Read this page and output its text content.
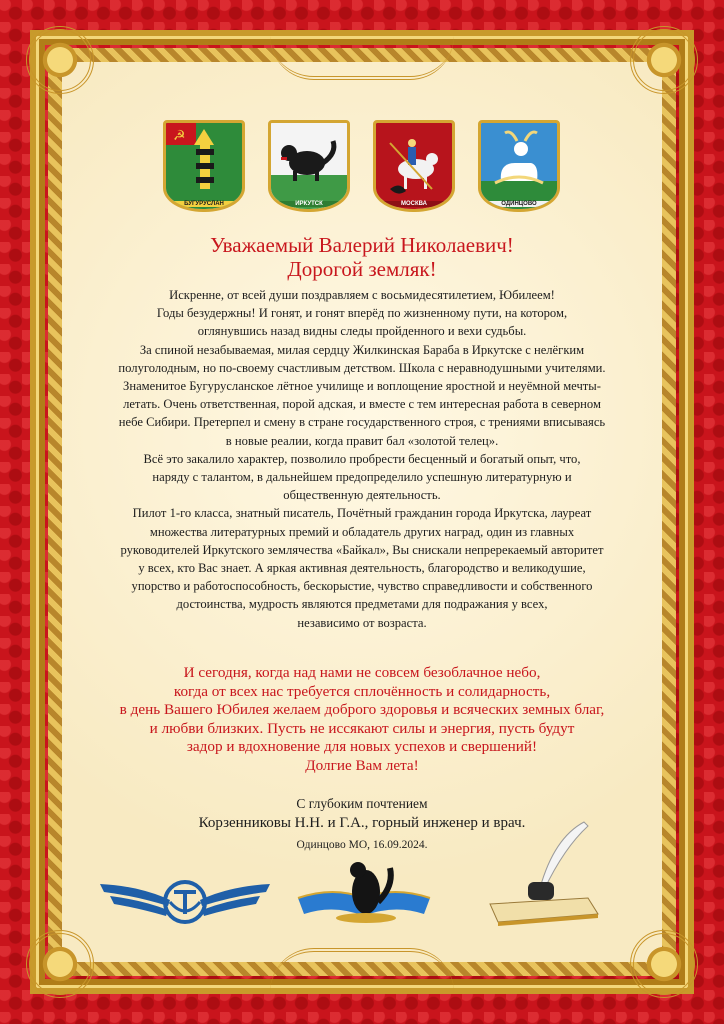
☭
БУГУРУСЛАН	ИРКУТСК	МОСКВА	ОДИНЦОВО
Уважаемый Валерий Николаевич!
Дорогой земляк!

Искренне, от всей души поздравляем с восьмидесятилетием, Юбилеем!

Годы безудержны! И гонят, и гонят вперёд по жизненному пути, на котором,

оглянувшись назад видны следы пройденного и вехи судьбы.

За спиной незабываемая, милая сердцу Жилкинская Бараба в Иркутске с нелёгким

полуголодным, но по-своему счастливым детством. Школа с неравнодушными учителями.

Знаменитое Бугурусланское лётное училище и воплощение яростной и неуёмной мечты-

летать. Очень ответственная, порой адская, и вместе с тем интересная работа в северном

небе Сибири. Претерпел и смену в стране государственного строя, с трениями вписываясь

в новые реалии, когда правит бал «золотой телец».

Всё это закалило характер, позволило пробрести бесценный и богатый опыт, что,

наряду с талантом, в дальнейшем предопределило успешную литературную и

общественную деятельность.

Пилот 1-го класса, знатный писатель, Почётный гражданин города Иркутска, лауреат

множества литературных премий и обладатель других наград, один из главных

руководителей Иркутского землячества «Байкал», Вы снискали непререкаемый авторитет

у всех, кто Вас знает. А яркая активная деятельность, благородство и великодушие,

упорство и работоспособность, бескорыстие, чувство справедливости и собственного

достоинства, мудрость являются предметами для подражания у всех,

независимо от возраста.

И сегодня, когда над нами не совсем безоблачное небо,

когда от всех нас требуется сплочённость и солидарность,

в день Вашего Юбилея желаем доброго здоровья и всяческих земных благ,

и любви близких. Пусть не иссякают силы и энергия, пусть будут

задор и вдохновение для новых успехов и свершений!

Долгие Вам лета!

С глубоким почтением
Корзенниковы Н.Н. и Г.А., горный инженер и врач.
Одинцово МО, 16.09.2024.
